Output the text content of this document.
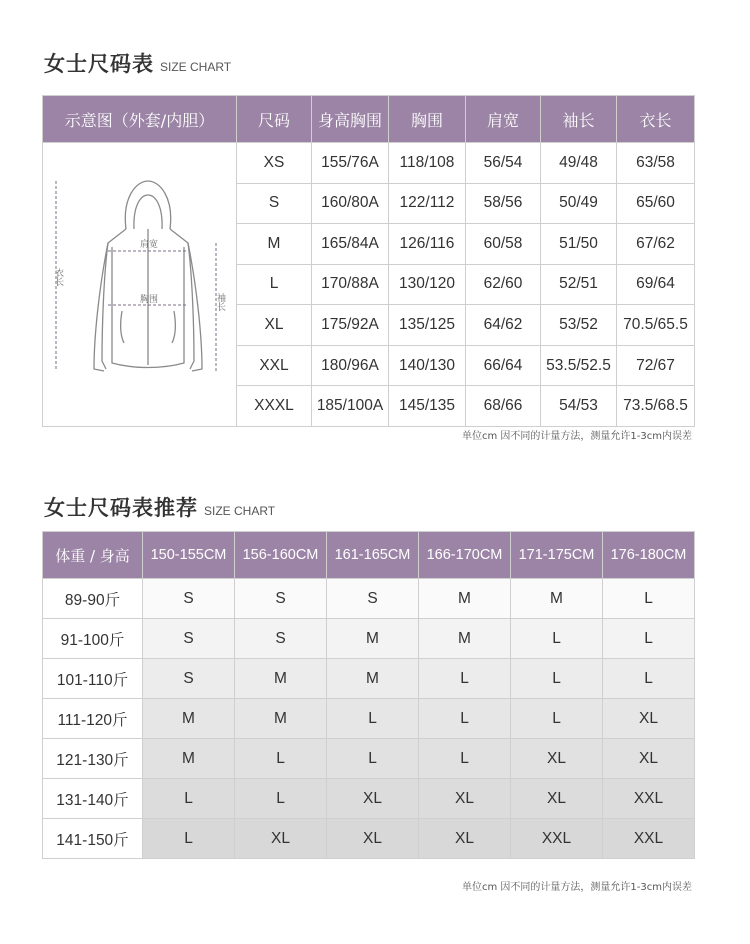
女士尺码表 SIZE CHART
示意图（外套/内胆）	尺码	身高胸围	胸围	肩宽	袖长	衣长

肩宽
胸围
衣长
袖长	XS	155/76A	118/108	56/54	49/48	63/58
	S	160/80A	122/112	58/56	50/49	65/60
	M	165/84A	126/116	60/58	51/50	67/62
	L	170/88A	130/120	62/60	52/51	69/64
	XL	175/92A	135/125	64/62	53/52	70.5/65.5
	XXL	180/96A	140/130	66/64	53.5/52.5	72/67
	XXXL	185/100A	145/135	68/66	54/53	73.5/68.5
单位cm 因不同的计量方法，测量允许1-3cm内误差
女士尺码表推荐 SIZE CHART
体重 / 身高	150-155CM	156-160CM	161-165CM	166-170CM	171-175CM	176-180CM
89-90斤	S	S	S	M	M	L
91-100斤	S	S	M	M	L	L
101-110斤	S	M	M	L	L	L
111-120斤	M	M	L	L	L	XL
121-130斤	M	L	L	L	XL	XL
131-140斤	L	L	XL	XL	XL	XXL
141-150斤	L	XL	XL	XL	XXL	XXL
单位cm 因不同的计量方法，测量允许1-3cm内误差
